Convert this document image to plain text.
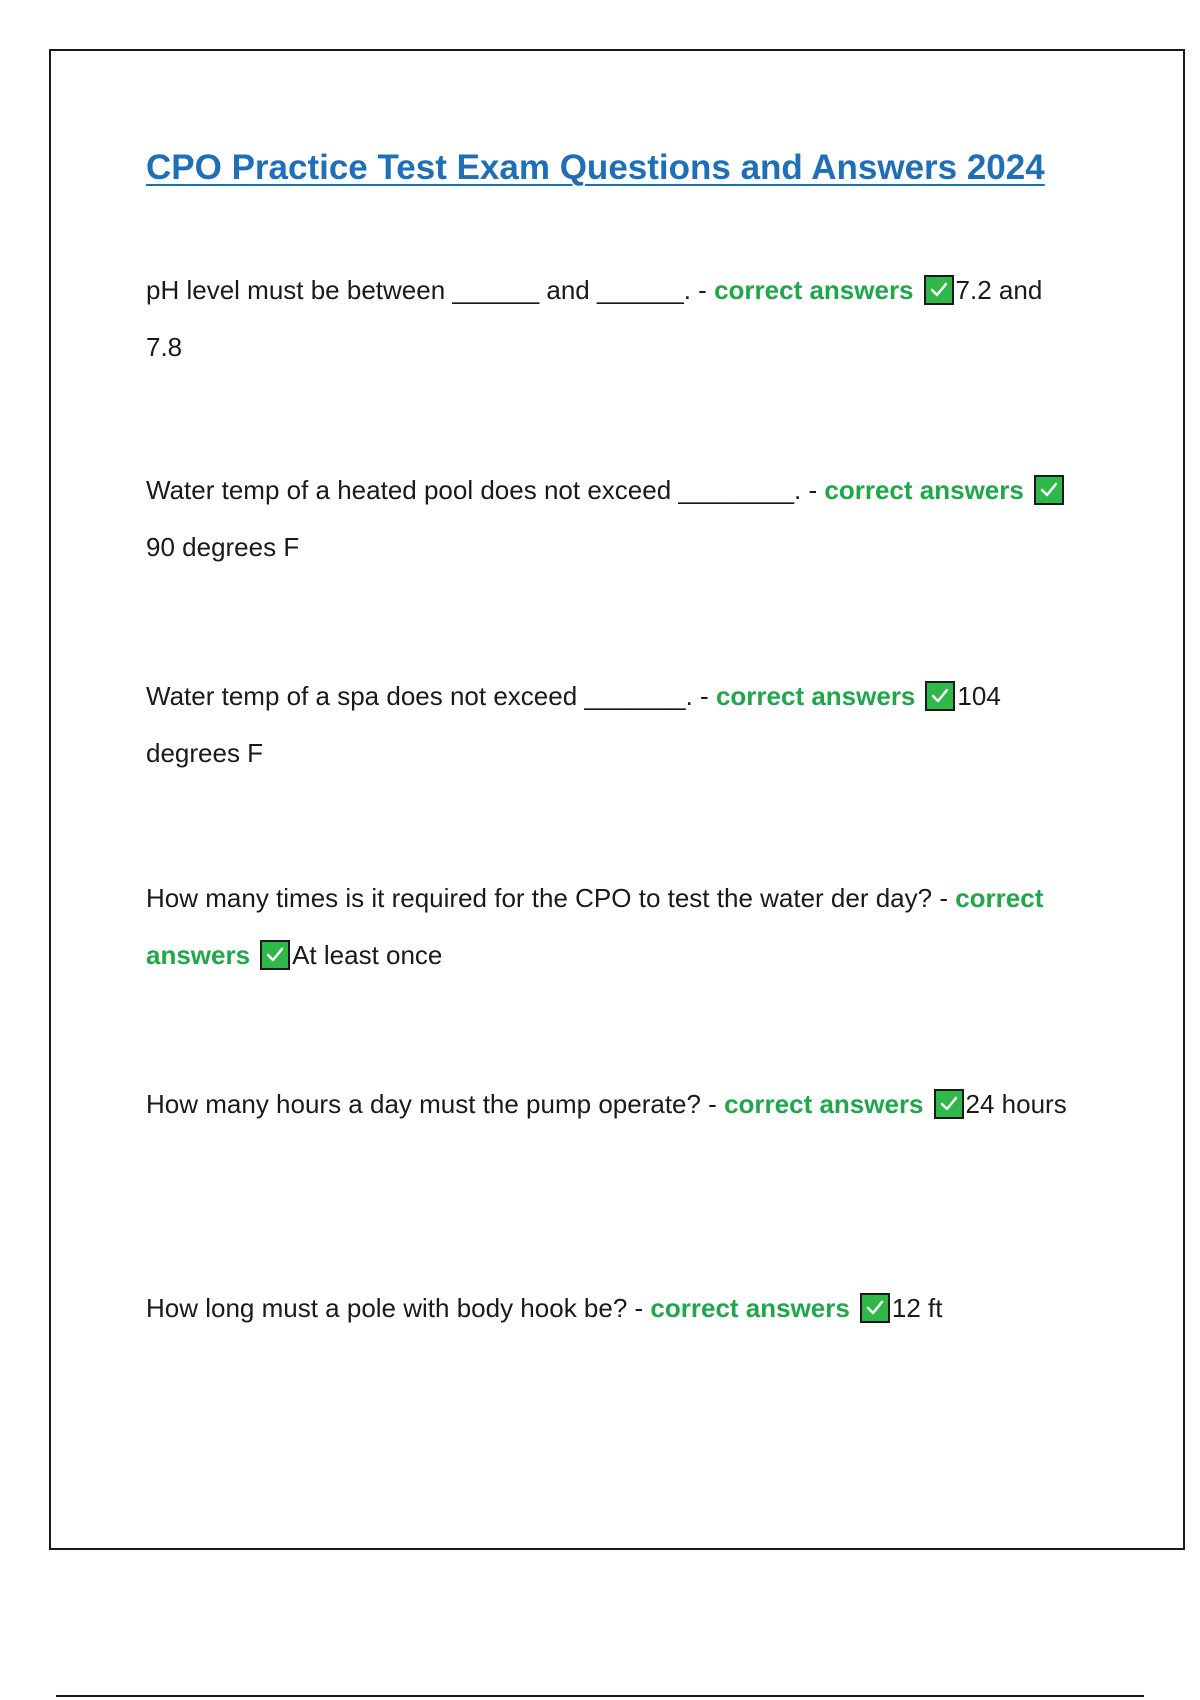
CPO Practice Test Exam Questions and Answers 2024
pH level must be between ______ and ______. - correct answers 7.2 and 7.8
Water temp of a heated pool does not exceed ________. - correct answers
90 degrees F
Water temp of a spa does not exceed _______. - correct answers 104 degrees F
How many times is it required for the CPO to test the water der day? - correct answers At least once
How many hours a day must the pump operate? - correct answers 24 hours
How long must a pole with body hook be? - correct answers 12 ft
